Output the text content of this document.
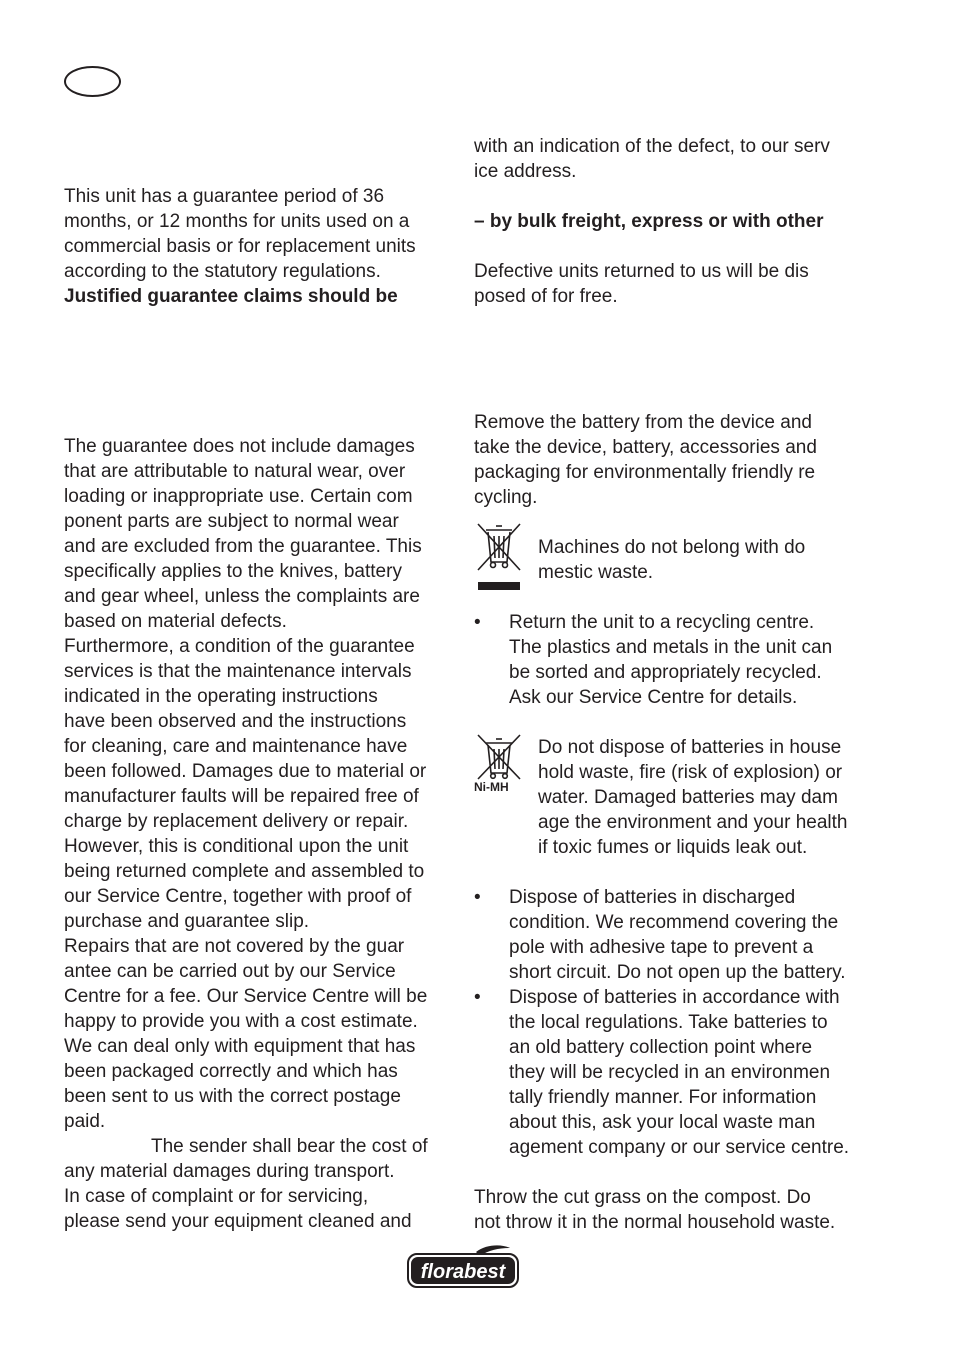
This unit has a guarantee period of 36 months, or 12 months for units used on a commercial basis or for replacement units according to the statutory regulations.

Justified guarantee claims should be

The guarantee does not include damages
that are attributable to natural wear, over
loading or inappropriate use. Certain com
ponent parts are subject to normal wear
and are excluded from the guarantee. This
specifically applies to the knives, battery
and gear wheel, unless the complaints are
based on material defects.
Furthermore, a condition of the guarantee
services is that the maintenance intervals
indicated in the operating instructions
have been observed and the instructions
for cleaning, care and maintenance have
been followed. Damages due to material or
manufacturer faults will be repaired free of
charge by replacement delivery or repair.
However, this is conditional upon the unit
being returned complete and assembled to
our Service Centre, together with proof of
purchase and guarantee slip.
Repairs that are not covered by the guar
antee can be carried out by our Service
Centre for a fee. Our Service Centre will be
happy to provide you with a cost estimate.
We can deal only with equipment that has
been packaged correctly and which has
been sent to us with the correct postage
paid.

The sender shall bear the cost of

any material damages during transport.
In case of complaint or for servicing,
please send your equipment cleaned and
with an indication of the defect, to our serv
ice address.

– by bulk freight, express or with other

Defective units returned to us will be dis
posed of for free.
Remove the battery from the device and
take the device, battery, accessories and
packaging for environmentally friendly re
cycling.
Machines do not belong with do
mestic waste.
• Return the unit to a recycling centre.
The plastics and metals in the unit can
be sorted and appropriately recycled.
Ask our Service Centre for details.
Ni-MH
Do not dispose of batteries in house
hold waste, fire (risk of explosion) or
water. Damaged batteries may dam
age the environment and your health
if toxic fumes or liquids leak out.
• Dispose of batteries in discharged
condition. We recommend covering the
pole with adhesive tape to prevent a
short circuit. Do not open up the battery.
• Dispose of batteries in accordance with
the local regulations. Take batteries to
an old battery collection point where
they will be recycled in an environmen
tally friendly manner. For information
about this, ask your local waste man
agement company or our service centre.
Throw the cut grass on the compost. Do
not throw it in the normal household waste.
florabest
